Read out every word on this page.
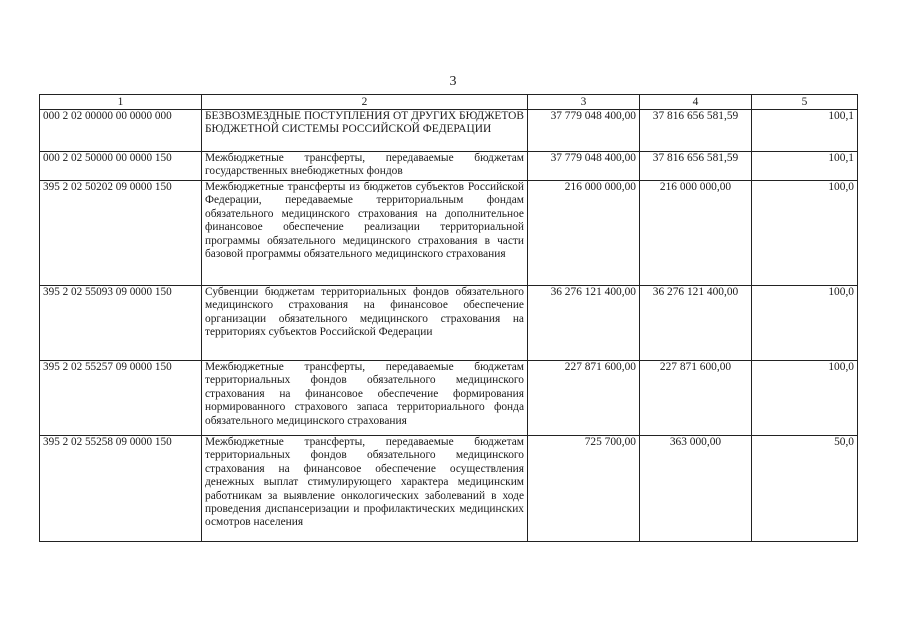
3
1	2	3	4	5
000 2 02 00000 00 0000 000	БЕЗВОЗМЕЗДНЫЕ ПОСТУПЛЕНИЯ ОТ ДРУГИХ БЮДЖЕТОВ БЮДЖЕТНОЙ СИСТЕМЫ РОССИЙСКОЙ ФЕДЕРАЦИИ	37 779 048 400,00	37 816 656 581,59	100,1
000 2 02 50000 00 0000 150	Межбюджетные трансферты, передаваемые бюджетам государственных внебюджетных фондов	37 779 048 400,00	37 816 656 581,59	100,1
395 2 02 50202 09 0000 150	Межбюджетные трансферты из бюджетов субъектов Российской Федерации, передаваемые территориальным фондам обязательного медицинского страхования на дополнительное финансовое обеспечение реализации территориальной программы обязательного медицинского страхования в части базовой программы обязательного медицинского страхования	216 000 000,00	216 000 000,00	100,0
395 2 02 55093 09 0000 150	Субвенции бюджетам территориальных фондов обязательного медицинского страхования на финансовое обеспечение организации обязательного медицинского страхования на территориях субъектов Российской Федерации	36 276 121 400,00	36 276 121 400,00	100,0
395 2 02 55257 09 0000 150	Межбюджетные трансферты, передаваемые бюджетам территориальных фондов обязательного медицинского страхования на финансовое обеспечение формирования нормированного страхового запаса территориального фонда обязательного медицинского страхования	227 871 600,00	227 871 600,00	100,0
395 2 02 55258 09 0000 150	Межбюджетные трансферты, передаваемые бюджетам территориальных фондов обязательного медицинского страхования на финансовое обеспечение осуществления денежных выплат стимулирующего характера медицинским работникам за выявление онкологических заболеваний в ходе проведения диспансеризации и профилактических медицинских осмотров населения	725 700,00	363 000,00	50,0
